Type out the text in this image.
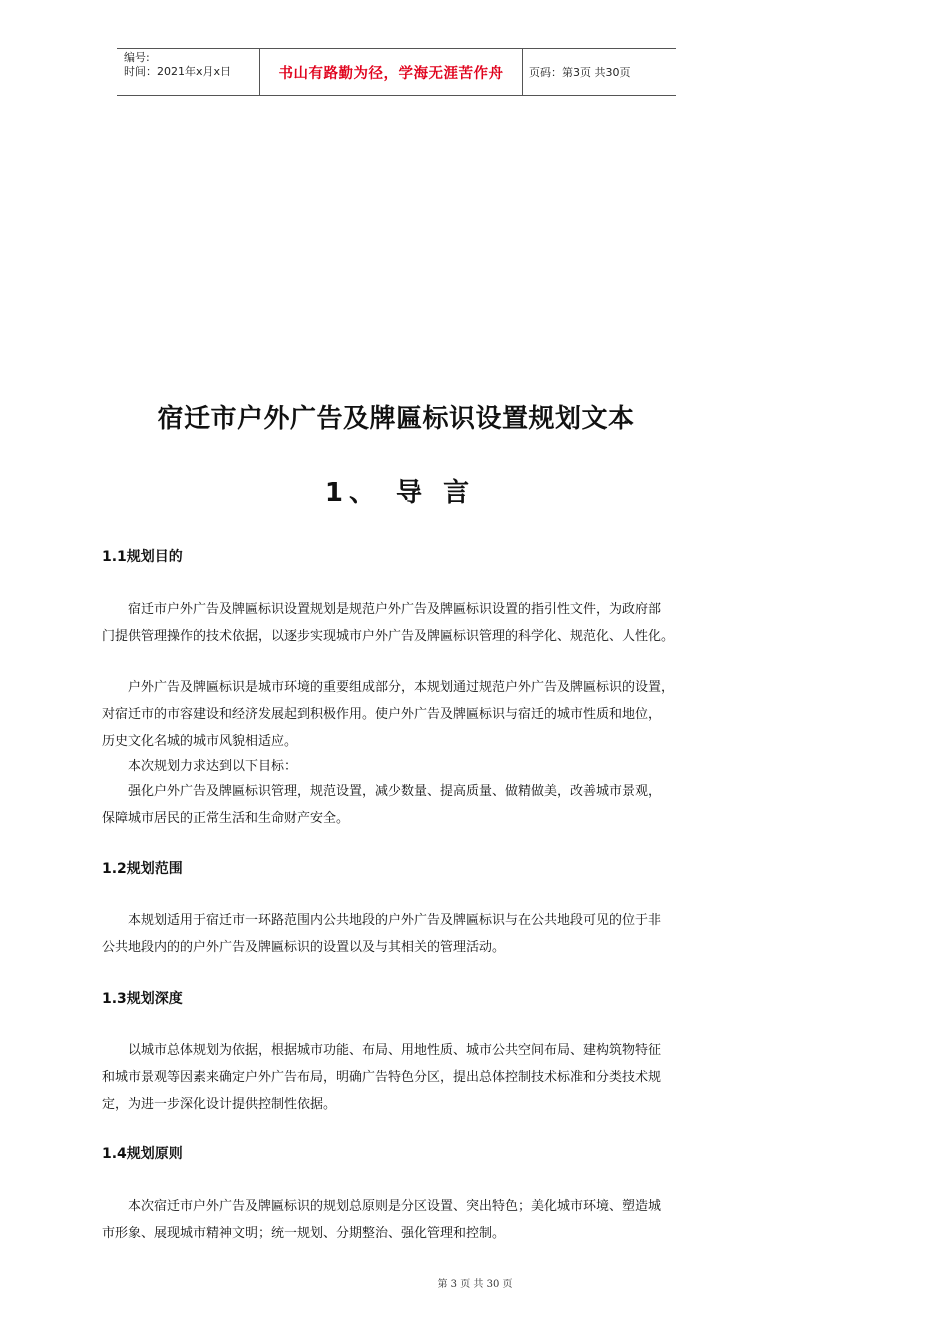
编号:
时间：2021年x月x日	书山有路勤为径，学海无涯苦作舟 页码：第3页 共30页
宿迁市户外广告及牌匾标识设置规划文本
1、 导 言
1.1规划目的

宿迁市户外广告及牌匾标识设置规划是规范户外广告及牌匾标识设置的指引性文件，为政府部
门提供管理操作的技术依据，以逐步实现城市户外广告及牌匾标识管理的科学化、规范化、人性化。

户外广告及牌匾标识是城市环境的重要组成部分，本规划通过规范户外广告及牌匾标识的设置，
对宿迁市的市容建设和经济发展起到积极作用。使户外广告及牌匾标识与宿迁的城市性质和地位，
历史文化名城的城市风貌相适应。

本次规划力求达到以下目标：

强化户外广告及牌匾标识管理，规范设置，减少数量、提高质量、做精做美，改善城市景观，
保障城市居民的正常生活和生命财产安全。

1.2规划范围

本规划适用于宿迁市一环路范围内公共地段的户外广告及牌匾标识与在公共地段可见的位于非
公共地段内的的户外广告及牌匾标识的设置以及与其相关的管理活动。

1.3规划深度

以城市总体规划为依据，根据城市功能、布局、用地性质、城市公共空间布局、建构筑物特征
和城市景观等因素来确定户外广告布局，明确广告特色分区，提出总体控制技术标准和分类技术规
定，为进一步深化设计提供控制性依据。

1.4规划原则

本次宿迁市户外广告及牌匾标识的规划总原则是分区设置、突出特色；美化城市环境、塑造城
市形象、展现城市精神文明；统一规划、分期整治、强化管理和控制。

第 3 页 共 30 页
